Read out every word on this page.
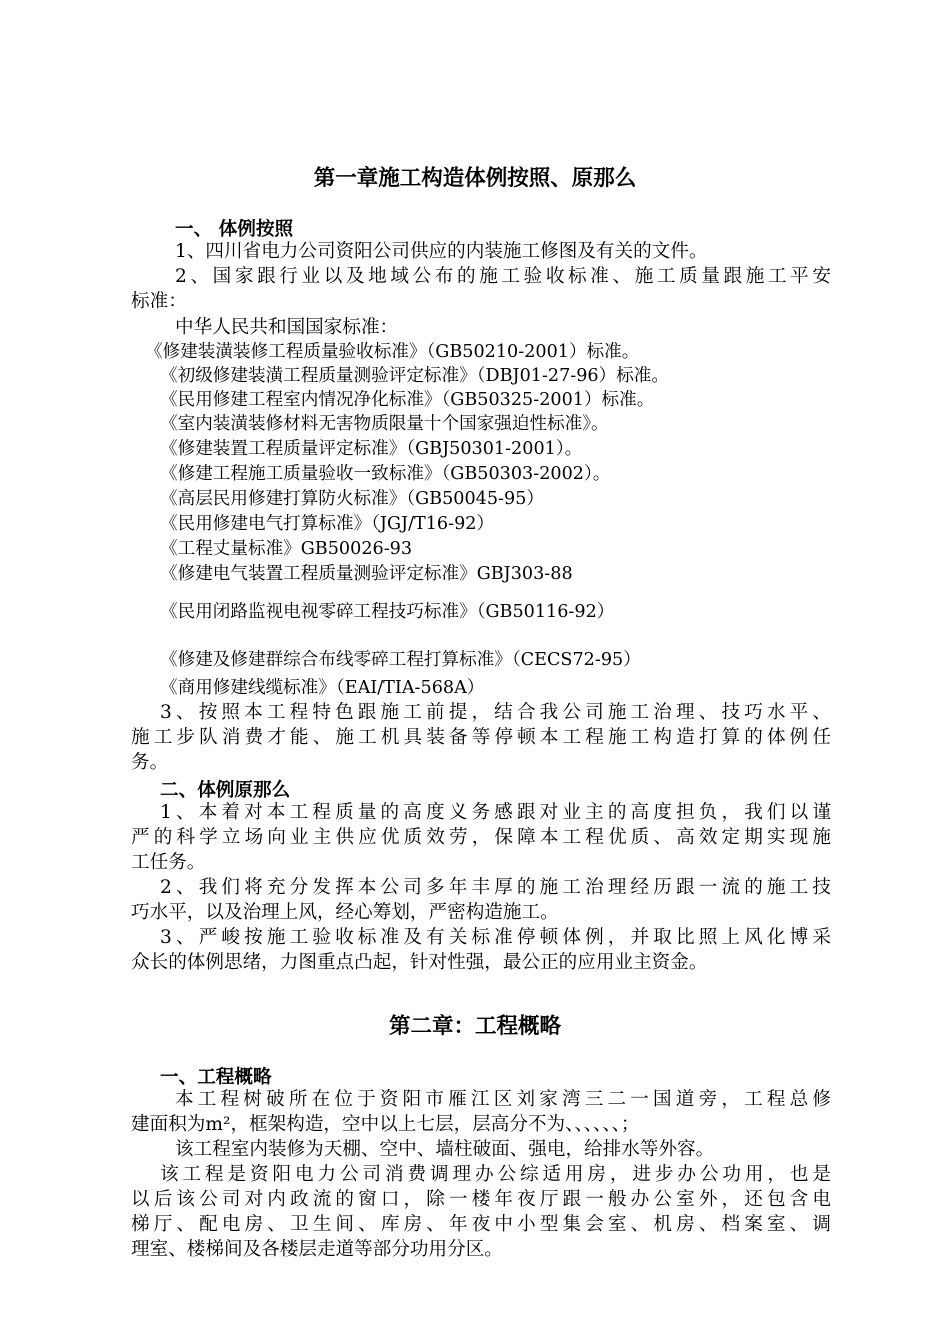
第一章施工构造体例按照、原那么
一、 体例按照
1、四川省电力公司资阳公司供应的内装施工修图及有关的文件。
2、国家跟行业以及地域公布的施工验收标准、施工质量跟施工平安
标准：
中华人民共和国国家标准：
《修建装潢装修工程质量验收标准》（GB50210-2001）标准。
《初级修建装潢工程质量测验评定标准》（DBJ01-27-96）标准。
《民用修建工程室内情况净化标准》（GB50325-2001）标准。
《室内装潢装修材料无害物质限量十个国家强迫性标准》。
《修建装置工程质量评定标准》（GBJ50301-2001）。
《修建工程施工质量验收一致标准》（GB50303-2002）。
《高层民用修建打算防火标准》（GB50045-95）
《民用修建电气打算标准》（JGJ/T16-92）
《工程丈量标准》GB50026-93
《修建电气装置工程质量测验评定标准》GBJ303-88
《民用闭路监视电视零碎工程技巧标准》（GB50116-92）
《修建及修建群综合布线零碎工程打算标准》（CECS72-95）
《商用修建线缆标准》（EAI/TIA-568A）
3、按照本工程特色跟施工前提，结合我公司施工治理、技巧水平、
施工步队消费才能、施工机具装备等停顿本工程施工构造打算的体例任
务。
二、体例原那么
1、本着对本工程质量的高度义务感跟对业主的高度担负，我们以谨
严的科学立场向业主供应优质效劳，保障本工程优质、高效定期实现施
工任务。
2、我们将充分发挥本公司多年丰厚的施工治理经历跟一流的施工技
巧水平，以及治理上风，经心筹划，严密构造施工。
3、严峻按施工验收标准及有关标准停顿体例，并取比照上风化博采
众长的体例思绪，力图重点凸起，针对性强，最公正的应用业主资金。
第二章：工程概略
一、工程概略
本工程树破所在位于资阳市雁江区刘家湾三二一国道旁，工程总修
建面积为m²，框架构造，空中以上七层，层高分不为、、、、、、；
该工程室内装修为天棚、空中、墙柱破面、强电，给排水等外容。
该工程是资阳电力公司消费调理办公综适用房，进步办公功用，也是
以后该公司对内政流的窗口，除一楼年夜厅跟一般办公室外，还包含电
梯厅、配电房、卫生间、库房、年夜中小型集会室、机房、档案室、调
理室、楼梯间及各楼层走道等部分功用分区。
